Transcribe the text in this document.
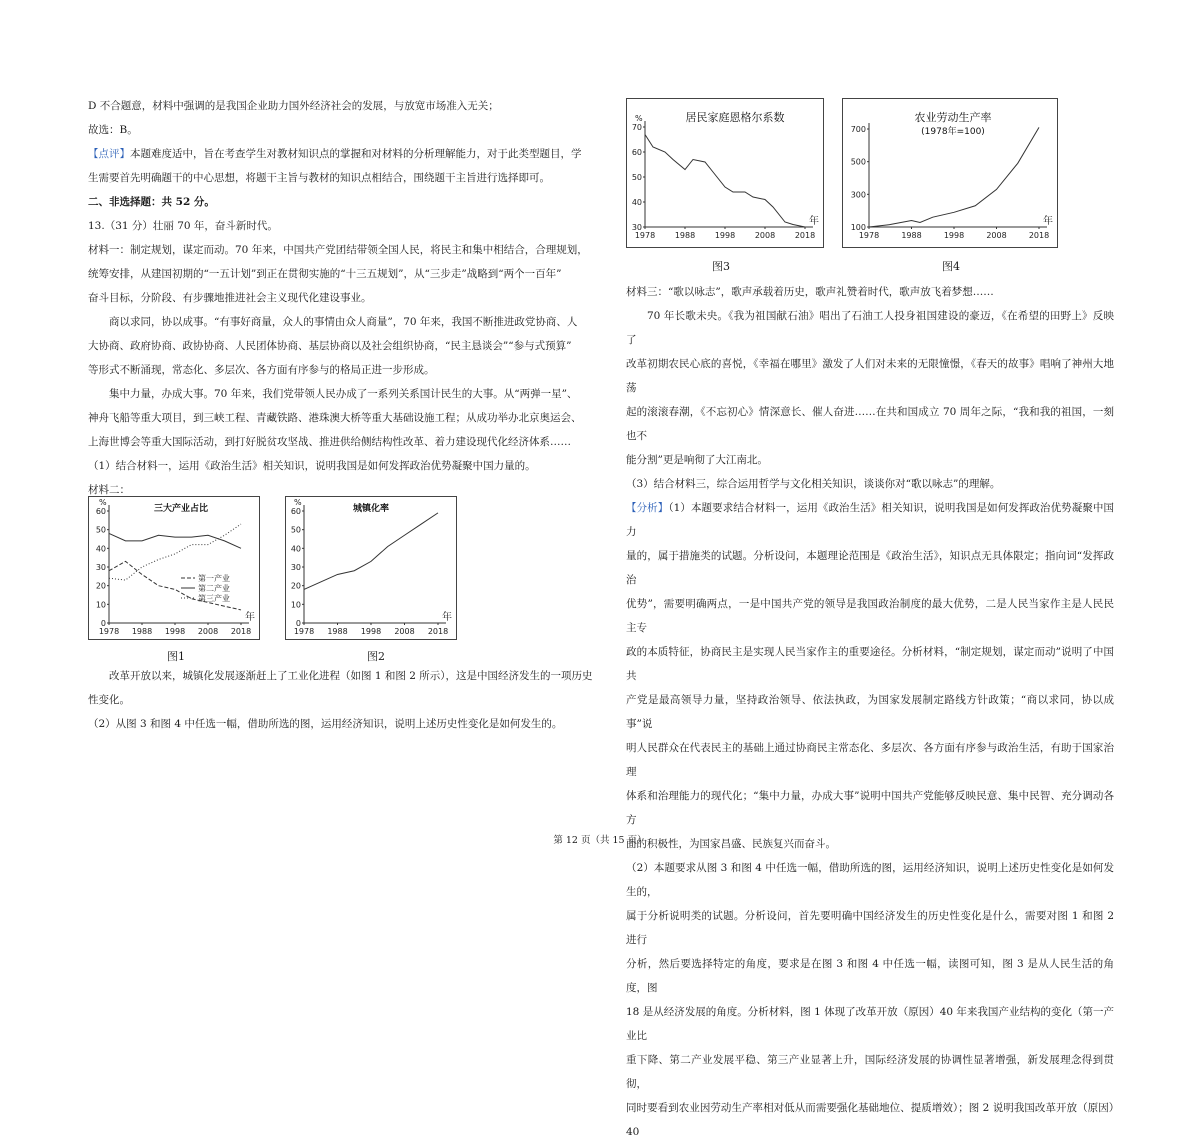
D 不合题意，材料中强调的是我国企业助力国外经济社会的发展，与放宽市场准入无关；

故选：B。

【点评】本题难度适中，旨在考查学生对教材知识点的掌握和对材料的分析理解能力，对于此类型题目，学

生需要首先明确题干的中心思想，将题干主旨与教材的知识点相结合，围绕题干主旨进行选择即可。

二、非选择题：共 52 分。

13.（31 分）壮丽 70 年，奋斗新时代。

材料一：制定规划，谋定而动。70 年来，中国共产党团结带领全国人民，将民主和集中相结合，合理规划，

统筹安排，从建国初期的“一五计划”到正在贯彻实施的“十三五规划”，从“三步走”战略到“两个一百年”

奋斗目标，分阶段、有步骤地推进社会主义现代化建设事业。

商以求同，协以成事。“有事好商量，众人的事情由众人商量”，70 年来，我国不断推进政党协商、人

大协商、政府协商、政协协商、人民团体协商、基层协商以及社会组织协商，“民主恳谈会”“参与式预算”

等形式不断涌现，常态化、多层次、各方面有序参与的格局正进一步形成。

集中力量，办成大事。70 年来，我们党带领人民办成了一系列关系国计民生的大事。从“两弹一星”、

神舟飞船等重大项目，到三峡工程、青藏铁路、港珠澳大桥等重大基础设施工程；从成功举办北京奥运会、

上海世博会等重大国际活动，到打好脱贫攻坚战、推进供给侧结构性改革、着力建设现代化经济体系……

（1）结合材料一，运用《政治生活》相关知识，说明我国是如何发挥政治优势凝聚中国力量的。

材料二：

0
10
20
30
40
50
60
1978 1988 1998 2008 2018
%
年
三大产业占比
第一产业
第二产业
第三产业
图1
0
10
20
30
40
50
60
1978 1988 1998 2008 2018
%
年
城镇化率
图2

改革开放以来，城镇化发展逐渐赶上了工业化进程（如图 1 和图 2 所示），这是中国经济发生的一项历史

性变化。

（2）从图 3 和图 4 中任选一幅，借助所选的图，运用经济知识，说明上述历史性变化是如何发生的。

30
40
50
60
70
1978 1988 1998 2008 2018
%
年
居民家庭恩格尔系数
图3
100
300
500
700
1978	1988	1998	2008	2018
年
农业劳动生产率
(1978年=100)
图4

材料三：“歌以咏志”，歌声承载着历史，歌声礼赞着时代，歌声放飞着梦想……

70 年长歌未央。《我为祖国献石油》唱出了石油工人投身祖国建设的豪迈，《在希望的田野上》反映了

改革初期农民心底的喜悦，《幸福在哪里》激发了人们对未来的无限憧憬，《春天的故事》唱响了神州大地荡

起的滚滚春潮，《不忘初心》情深意长、催人奋进……在共和国成立 70 周年之际，“我和我的祖国，一刻也不

能分割”更是响彻了大江南北。

（3）结合材料三，综合运用哲学与文化相关知识，谈谈你对“歌以咏志”的理解。

【分析】（1）本题要求结合材料一，运用《政治生活》相关知识，说明我国是如何发挥政治优势凝聚中国力

量的，属于措施类的试题。分析设问，本题理论范围是《政治生活》，知识点无具体限定；指向词“发挥政治

优势”，需要明确两点，一是中国共产党的领导是我国政治制度的最大优势，二是人民当家作主是人民民主专

政的本质特征，协商民主是实现人民当家作主的重要途径。分析材料，“制定规划，谋定而动”说明了中国共

产党是最高领导力量，坚持政治领导、依法执政，为国家发展制定路线方针政策；“商以求同，协以成事”说

明人民群众在代表民主的基础上通过协商民主常态化、多层次、各方面有序参与政治生活，有助于国家治理

体系和治理能力的现代化；“集中力量，办成大事”说明中国共产党能够反映民意、集中民智、充分调动各方

面的积极性，为国家昌盛、民族复兴而奋斗。

（2）本题要求从图 3 和图 4 中任选一幅，借助所选的图，运用经济知识，说明上述历史性变化是如何发生的，

属于分析说明类的试题。分析设问，首先要明确中国经济发生的历史性变化是什么，需要对图 1 和图 2 进行

分析，然后要选择特定的角度，要求是在图 3 和图 4 中任选一幅，读图可知，图 3 是从人民生活的角度，图

18 是从经济发展的角度。分析材料，图 1 体现了改革开放（原因）40 年来我国产业结构的变化（第一产业比

重下降、第二产业发展平稳、第三产业显著上升，国际经济发展的协调性显著增强，新发展理念得到贯彻，

同时要看到农业因劳动生产率相对低从而需要强化基础地位、提质增效）；图 2 说明我国改革开放（原因）40

第 12 页（共 15 页）
